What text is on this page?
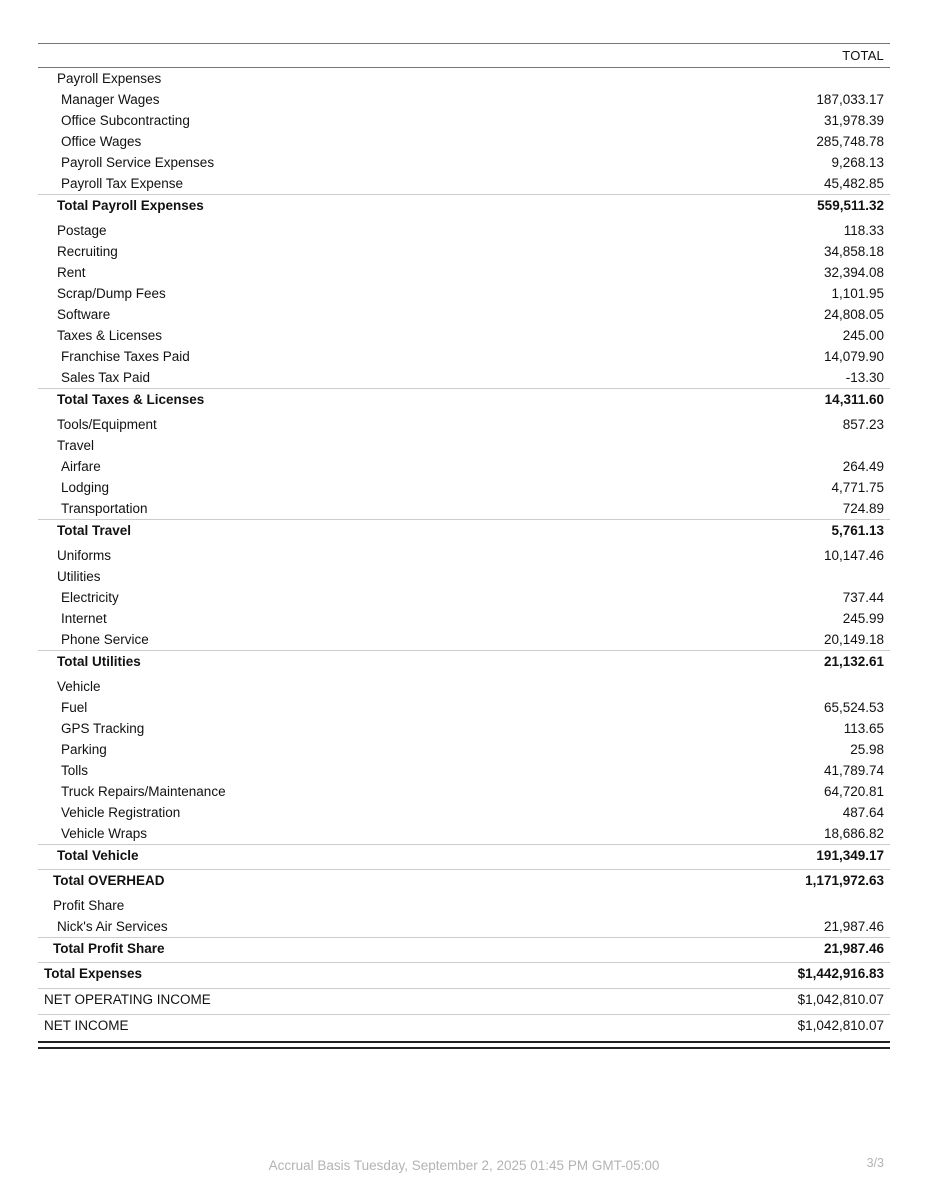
TOTAL
Payroll Expenses
Manager Wages	187,033.17
Office Subcontracting	31,978.39
Office Wages	285,748.78
Payroll Service Expenses	9,268.13
Payroll Tax Expense	45,482.85
Total Payroll Expenses	559,511.32
Postage	118.33
Recruiting	34,858.18
Rent	32,394.08
Scrap/Dump Fees	1,101.95
Software	24,808.05
Taxes & Licenses	245.00
Franchise Taxes Paid	14,079.90
Sales Tax Paid	-13.30
Total Taxes & Licenses	14,311.60
Tools/Equipment	857.23
Travel
Airfare	264.49
Lodging	4,771.75
Transportation	724.89
Total Travel	5,761.13
Uniforms	10,147.46
Utilities
Electricity	737.44
Internet	245.99
Phone Service	20,149.18
Total Utilities	21,132.61
Vehicle
Fuel	65,524.53
GPS Tracking	113.65
Parking	25.98
Tolls	41,789.74
Truck Repairs/Maintenance	64,720.81
Vehicle Registration	487.64
Vehicle Wraps	18,686.82
Total Vehicle	191,349.17
Total OVERHEAD	1,171,972.63
Profit Share
Nick's Air Services	21,987.46
Total Profit Share	21,987.46
Total Expenses	$1,442,916.83
NET OPERATING INCOME	$1,042,810.07
NET INCOME	$1,042,810.07
Accrual Basis Tuesday, September 2, 2025 01:45 PM GMT-05:00	3/3
